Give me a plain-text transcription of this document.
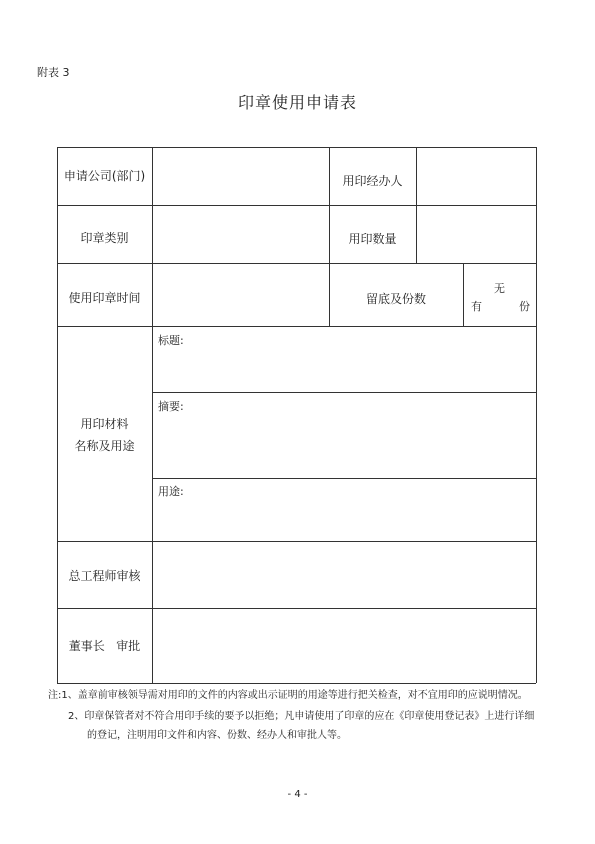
附表 3
印章使用申请表
申请公司(部门)	用印经办人
印章类别	用印数量
使用印章时间	留底及份数
无
有	份
用印材料
名称及用途
标题:
摘要:
用途:
总工程师审核
董事长 审批
注:1、盖章前审核领导需对用印的文件的内容或出示证明的用途等进行把关检查，对不宜用印的应说明情况。
2、印章保管者对不符合用印手续的要予以拒绝；凡申请使用了印章的应在《印章使用登记表》上进行详细
的登记，注明用印文件和内容、份数、经办人和审批人等。
- 4 -
